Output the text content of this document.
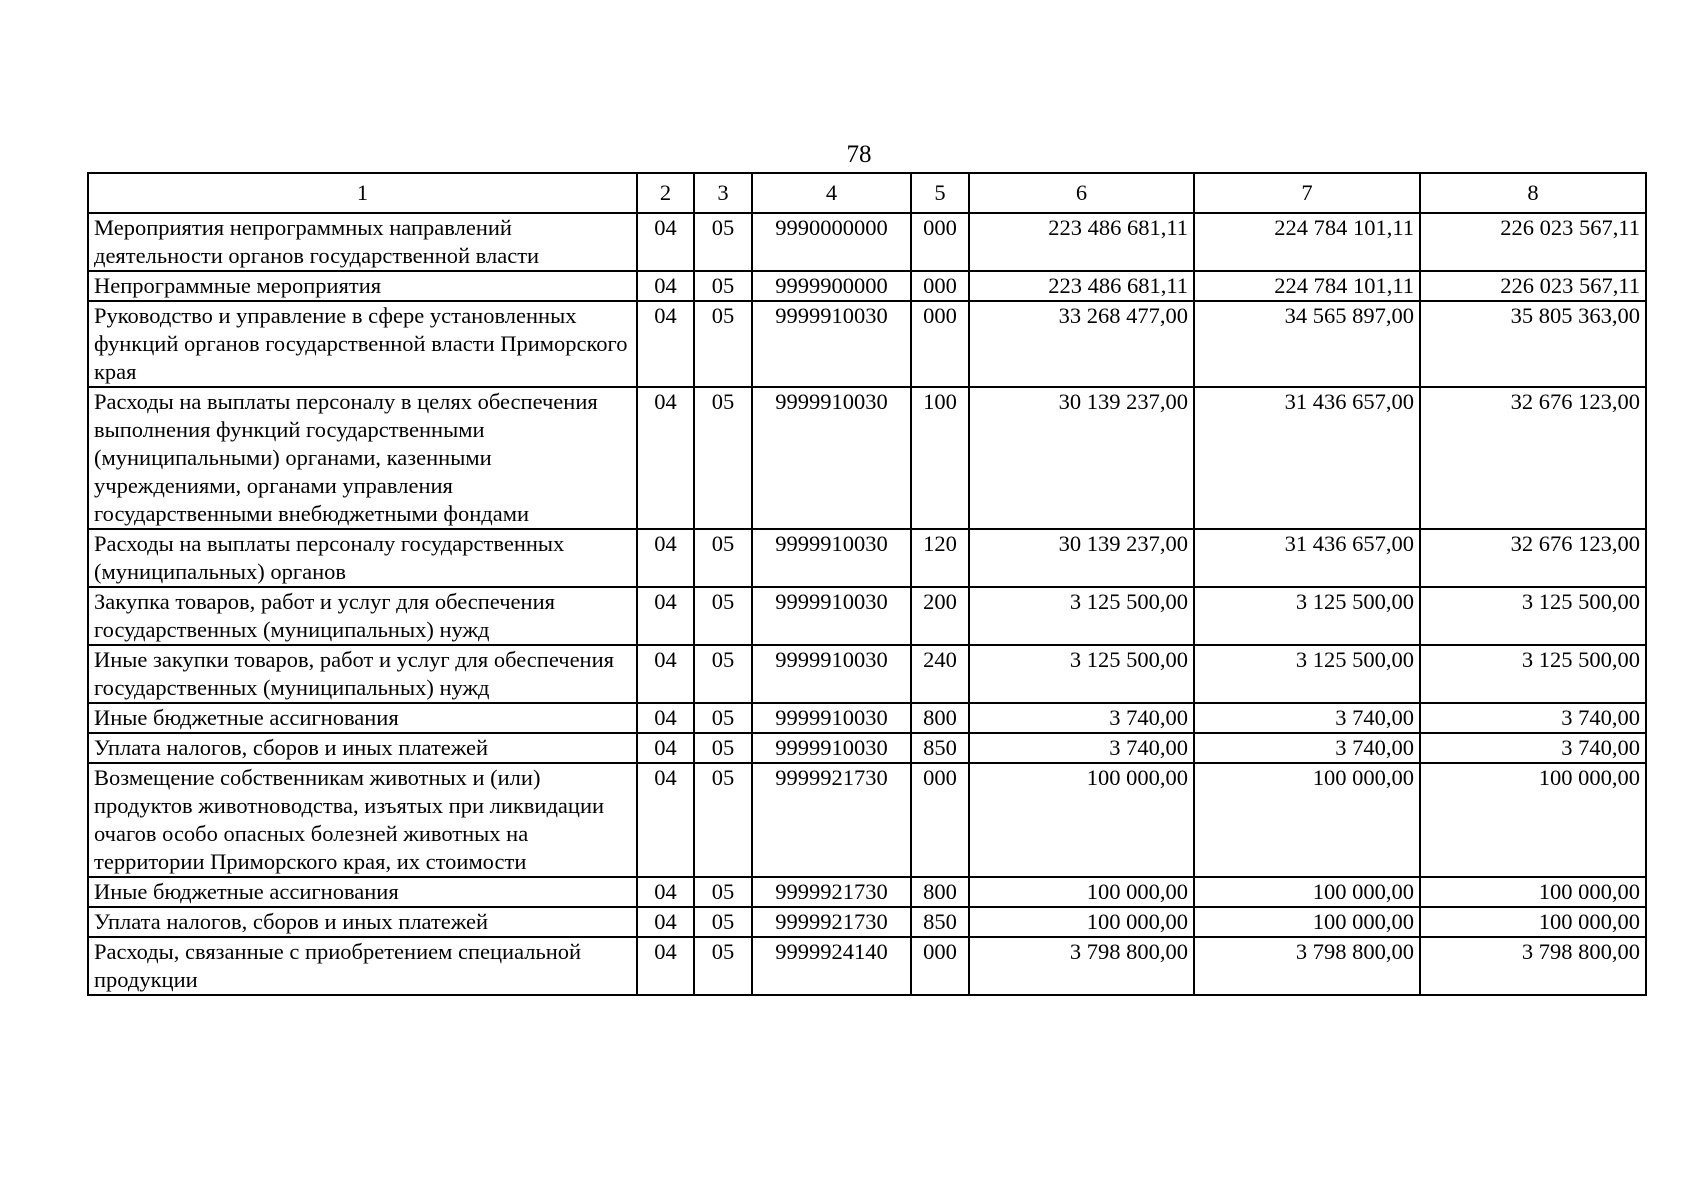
78
1	2	3	4	5	6	7	8
Мероприятия непрограммных направлений деятельности органов государственной власти	04	05	9990000000	000	223 486 681,11	224 784 101,11	226 023 567,11
Непрограммные мероприятия	04	05	9999900000	000	223 486 681,11	224 784 101,11	226 023 567,11
Руководство и управление в сфере установленных функций органов государственной власти Приморского края	04	05	9999910030	000	33 268 477,00	34 565 897,00	35 805 363,00
Расходы на выплаты персоналу в целях обеспечения выполнения функций государственными (муниципальными) органами, казенными учреждениями, органами управления государственными внебюджетными фондами	04	05	9999910030	100	30 139 237,00	31 436 657,00	32 676 123,00
Расходы на выплаты персоналу государственных (муниципальных) органов	04	05	9999910030	120	30 139 237,00	31 436 657,00	32 676 123,00
Закупка товаров, работ и услуг для обеспечения государственных (муниципальных) нужд	04	05	9999910030	200	3 125 500,00	3 125 500,00	3 125 500,00
Иные закупки товаров, работ и услуг для обеспечения государственных (муниципальных) нужд	04	05	9999910030	240	3 125 500,00	3 125 500,00	3 125 500,00
Иные бюджетные ассигнования	04	05	9999910030	800	3 740,00	3 740,00	3 740,00
Уплата налогов, сборов и иных платежей	04	05	9999910030	850	3 740,00	3 740,00	3 740,00
Возмещение собственникам животных и (или) продуктов животноводства, изъятых при ликвидации очагов особо опасных болезней животных на территории Приморского края, их стоимости	04	05	9999921730	000	100 000,00	100 000,00	100 000,00
Иные бюджетные ассигнования	04	05	9999921730	800	100 000,00	100 000,00	100 000,00
Уплата налогов, сборов и иных платежей	04	05	9999921730	850	100 000,00	100 000,00	100 000,00
Расходы, связанные с приобретением специальной продукции	04	05	9999924140	000	3 798 800,00	3 798 800,00	3 798 800,00
